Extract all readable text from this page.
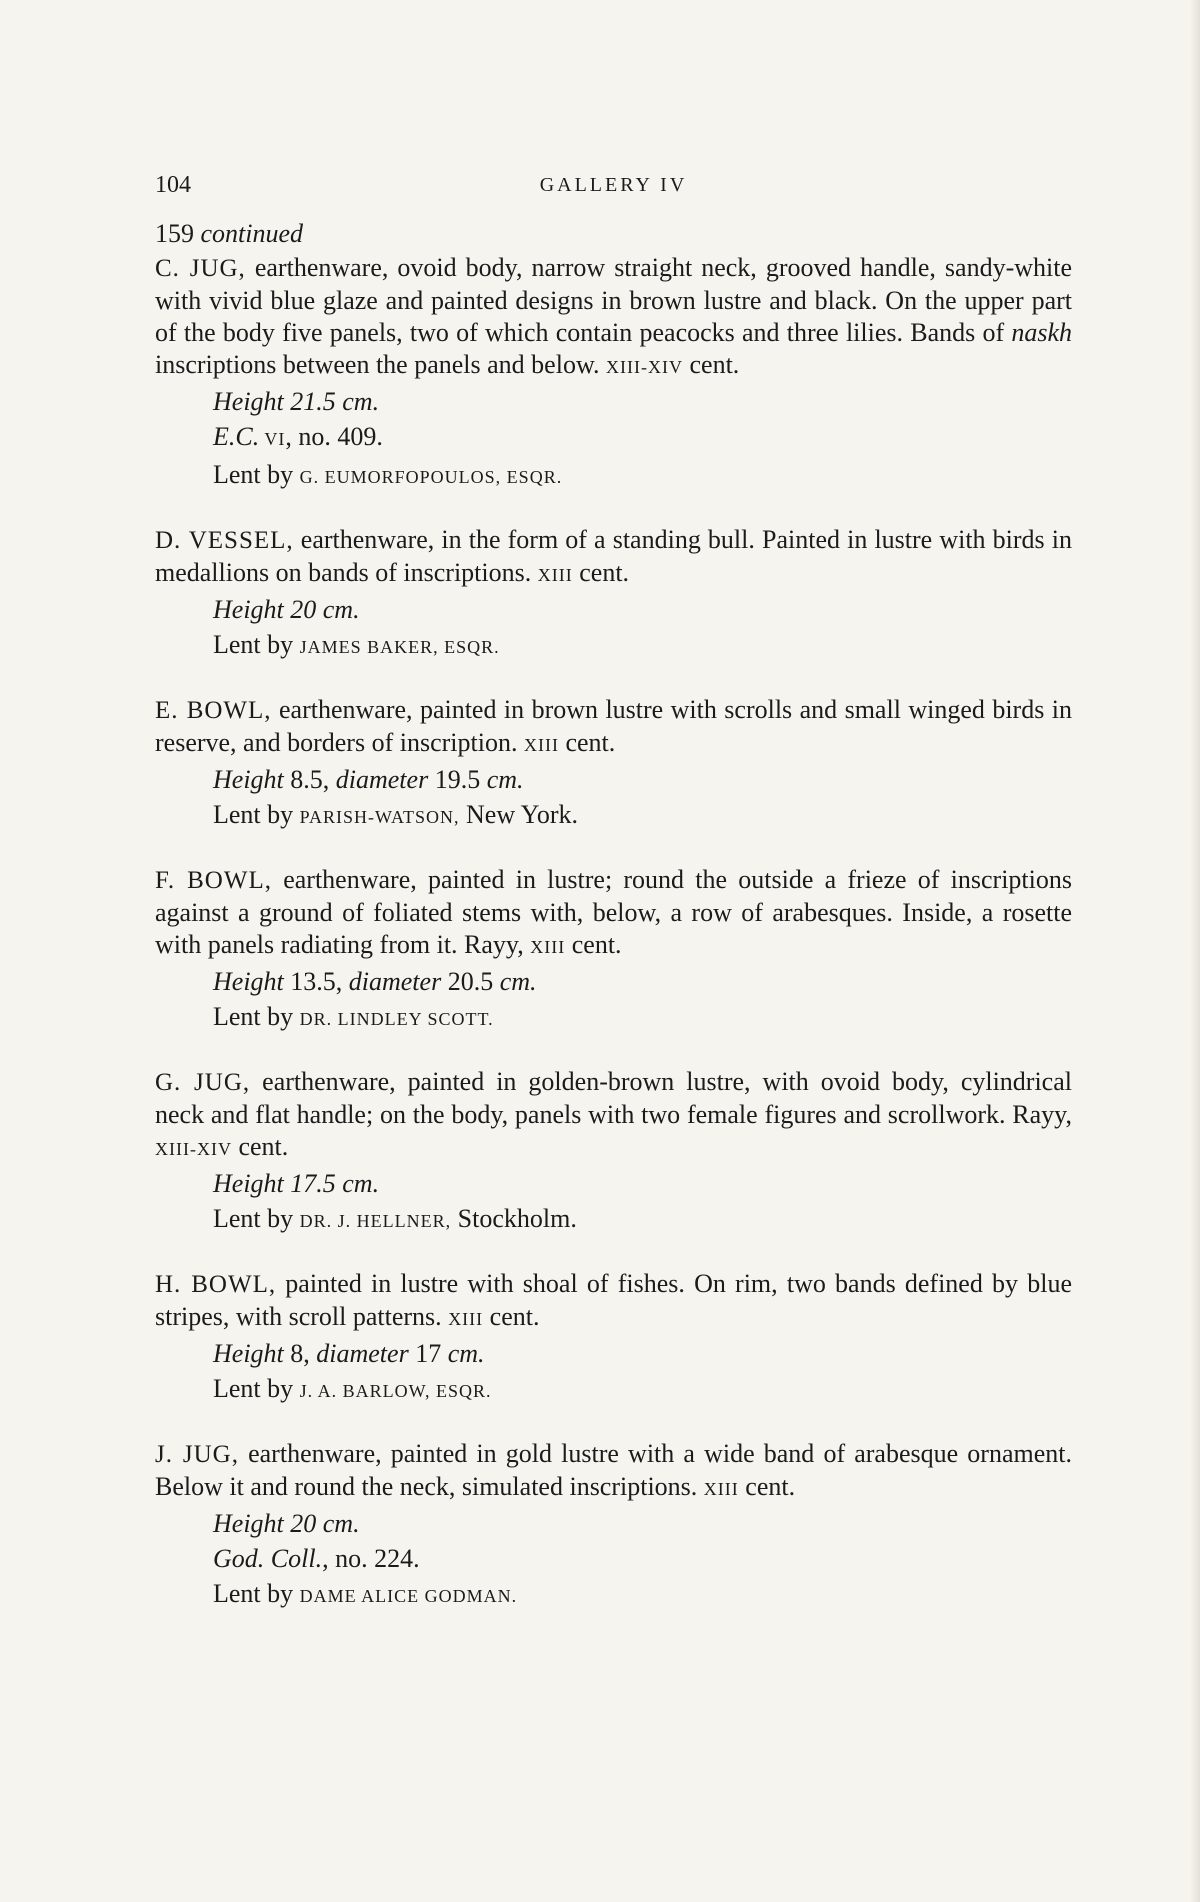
104	GALLERY IV
159 continued

C. JUG, earthenware, ovoid body, narrow straight neck, grooved handle, sandy-white with vivid blue glaze and painted designs in brown lustre and black. On the upper part of the body five panels, two of which contain peacocks and three lilies. Bands of naskh inscriptions between the panels and below. XIII-XIV cent.

Height 21.5 cm.
E.C. VI, no. 409.
Lent by G. EUMORFOPOULOS, ESQR.

D. VESSEL, earthenware, in the form of a standing bull. Painted in lustre with birds in medallions on bands of inscriptions. XIII cent.

Height 20 cm.
Lent by JAMES BAKER, ESQR.

E. BOWL, earthenware, painted in brown lustre with scrolls and small winged birds in reserve, and borders of inscription. XIII cent.

Height 8.5, diameter 19.5 cm.
Lent by PARISH-WATSON, New York.

F. BOWL, earthenware, painted in lustre; round the outside a frieze of inscriptions against a ground of foliated stems with, below, a row of arabesques. Inside, a rosette with panels radiating from it. Rayy, XIII cent.

Height 13.5, diameter 20.5 cm.
Lent by DR. LINDLEY SCOTT.

G. JUG, earthenware, painted in golden-brown lustre, with ovoid body, cylindrical neck and flat handle; on the body, panels with two female figures and scrollwork. Rayy, XIII-XIV cent.

Height 17.5 cm.
Lent by DR. J. HELLNER, Stockholm.

H. BOWL, painted in lustre with shoal of fishes. On rim, two bands defined by blue stripes, with scroll patterns. XIII cent.

Height 8, diameter 17 cm.
Lent by J. A. BARLOW, ESQR.

J. JUG, earthenware, painted in gold lustre with a wide band of arabesque ornament. Below it and round the neck, simulated inscriptions. XIII cent.

Height 20 cm.
God. Coll., no. 224.
Lent by DAME ALICE GODMAN.
